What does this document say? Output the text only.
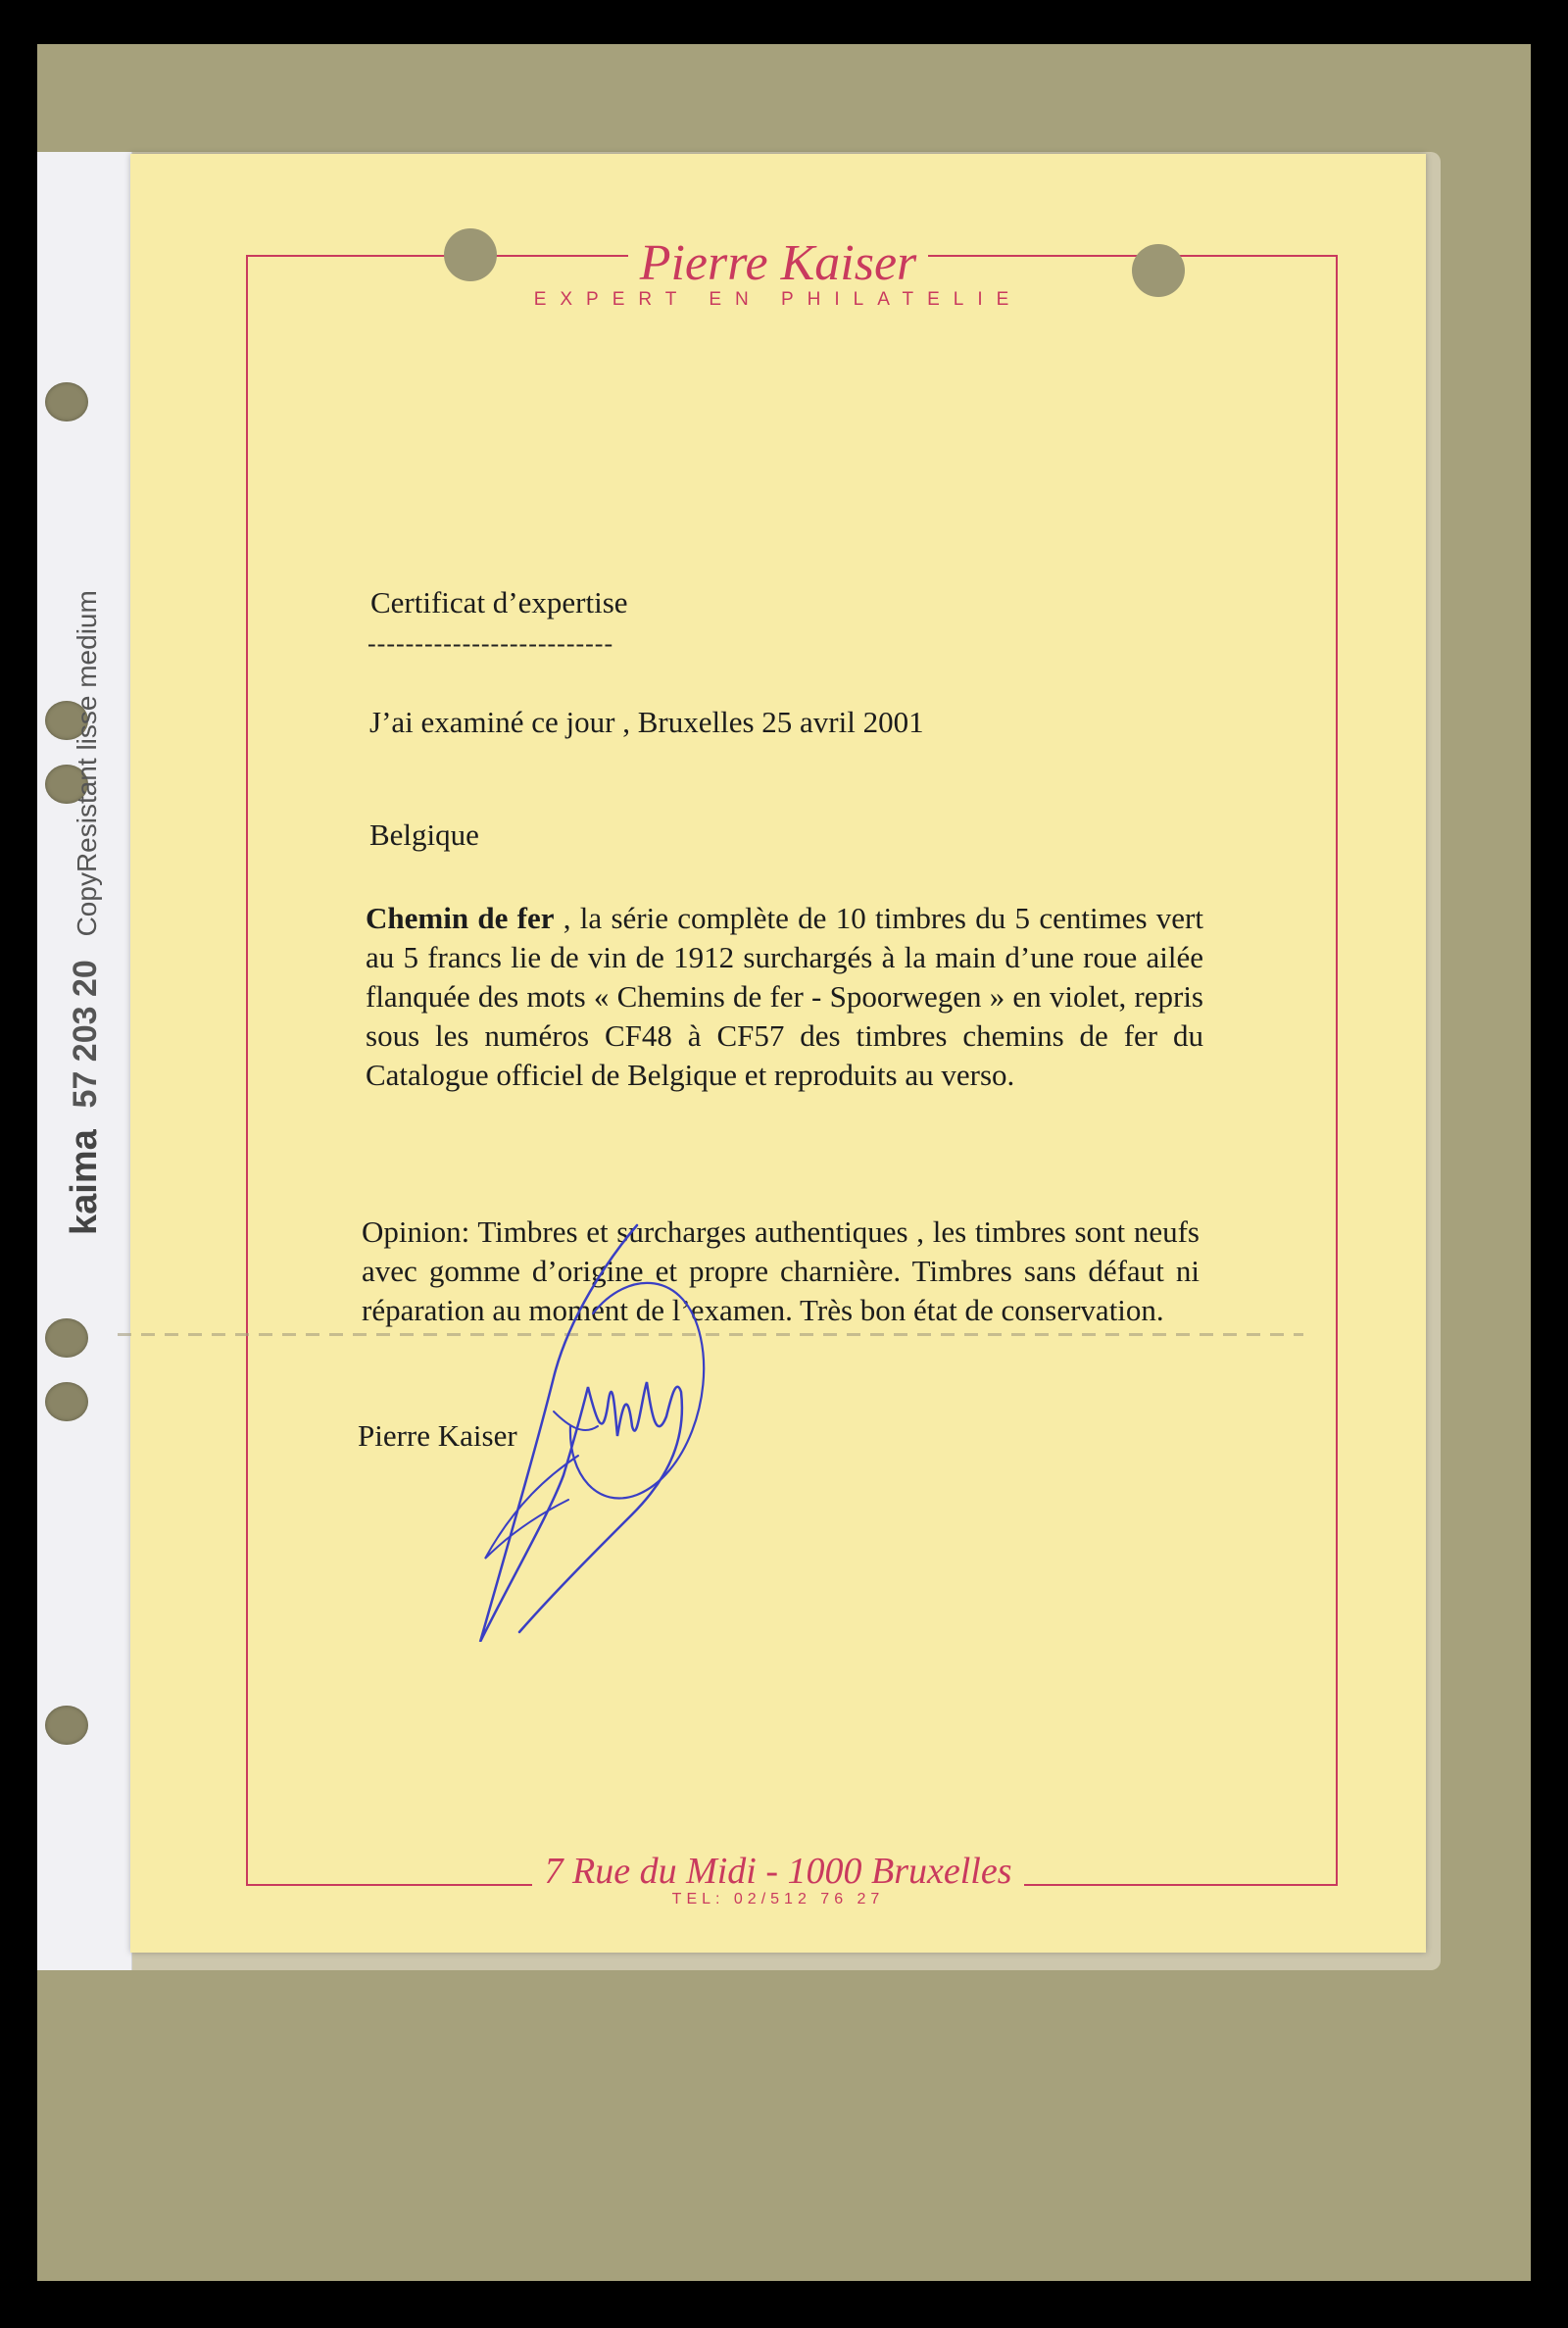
kaima 57 203 20 CopyResistant lisse medium
Pierre Kaiser
EXPERT EN PHILATELIE
Certificat d’expertise
--------------------------
J’ai examiné ce jour , Bruxelles 25 avril 2001
Belgique
Chemin de fer , la série complète de 10 timbres du 5 centimes vert au 5 francs lie de vin de 1912 surchargés à la main d’une roue ailée flanquée des mots « Chemins de fer - Spoorwegen » en violet, repris sous les numéros CF48 à CF57 des timbres chemins de fer du Catalogue officiel de Belgique et reproduits au verso.
Opinion: Timbres et surcharges authentiques , les timbres sont neufs avec gomme d’origine et propre charnière. Timbres sans défaut ni réparation au moment de l’examen. Très bon état de conservation.
Pierre Kaiser
7 Rue du Midi - 1000 Bruxelles
TEL: 02/512 76 27
